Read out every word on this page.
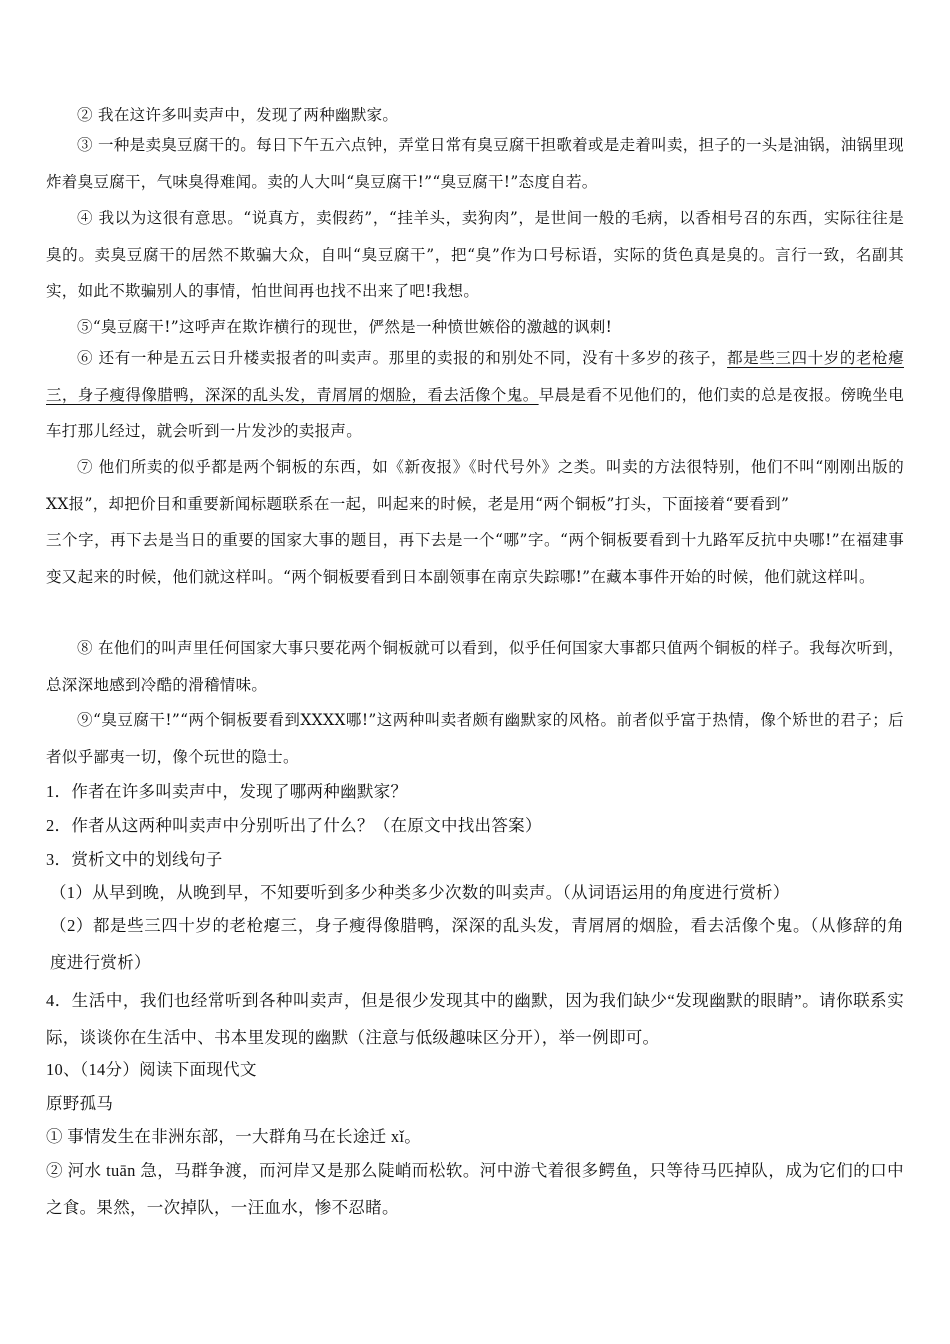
② 我在这许多叫卖声中，发现了两种幽默家。

③ 一种是卖臭豆腐干的。每日下午五六点钟，弄堂日常有臭豆腐干担歌着或是走着叫卖，担子的一头是油锅，油锅里现炸着臭豆腐干，气味臭得难闻。卖的人大叫“臭豆腐干!”“臭豆腐干!”态度自若。

④ 我以为这很有意思。“说真方，卖假药”，“挂羊头，卖狗肉”，是世间一般的毛病，以香相号召的东西，实际往往是臭的。卖臭豆腐干的居然不欺骗大众，自叫“臭豆腐干”，把“臭”作为口号标语，实际的货色真是臭的。言行一致，名副其实，如此不欺骗别人的事情，怕世间再也找不出来了吧!我想。

⑤“臭豆腐干!”这呼声在欺诈横行的现世，俨然是一种愤世嫉俗的激越的讽刺!

⑥ 还有一种是五云日升楼卖报者的叫卖声。那里的卖报的和别处不同，没有十多岁的孩子，都是些三四十岁的老枪瘪三，身子瘦得像腊鸭，深深的乱头发，青屑屑的烟脸，看去活像个鬼。早晨是看不见他们的，他们卖的总是夜报。傍晚坐电车打那儿经过，就会听到一片发沙的卖报声。

⑦ 他们所卖的似乎都是两个铜板的东西，如《新夜报》《时代号外》之类。叫卖的方法很特别，他们不叫“刚刚出版的XX报”，却把价目和重要新闻标题联系在一起，叫起来的时候，老是用“两个铜板”打头，下面接着“要看到”

三个字，再下去是当日的重要的国家大事的题目，再下去是一个“哪”字。“两个铜板要看到十九路军反抗中央哪!”在福建事变又起来的时候，他们就这样叫。“两个铜板要看到日本副领事在南京失踪哪!”在藏本事件开始的时候，他们就这样叫。

⑧ 在他们的叫声里任何国家大事只要花两个铜板就可以看到，似乎任何国家大事都只值两个铜板的样子。我每次听到，总深深地感到冷酷的滑稽情味。

⑨“臭豆腐干!”“两个铜板要看到XXXX哪!”这两种叫卖者颇有幽默家的风格。前者似乎富于热情，像个矫世的君子；后者似乎鄙夷一切，像个玩世的隐士。

1．作者在许多叫卖声中，发现了哪两种幽默家？

2．作者从这两种叫卖声中分别听出了什么？（在原文中找出答案）

3．赏析文中的划线句子

（1）从早到晚，从晚到早，不知要听到多少种类多少次数的叫卖声。（从词语运用的角度进行赏析）

（2）都是些三四十岁的老枪瘪三，身子瘦得像腊鸭，深深的乱头发，青屑屑的烟脸，看去活像个鬼。（从修辞的角度进行赏析）

4．生活中，我们也经常听到各种叫卖声，但是很少发现其中的幽默，因为我们缺少“发现幽默的眼睛”。请你联系实际，谈谈你在生活中、书本里发现的幽默（注意与低级趣味区分开），举一例即可。

10、（14分）阅读下面现代文

原野孤马

① 事情发生在非洲东部，一大群角马在长途迁 xǐ。

② 河水 tuān 急，马群争渡，而河岸又是那么陡峭而松软。河中游弋着很多鳄鱼，只等待马匹掉队，成为它们的口中之食。果然，一次掉队，一汪血水，惨不忍睹。
